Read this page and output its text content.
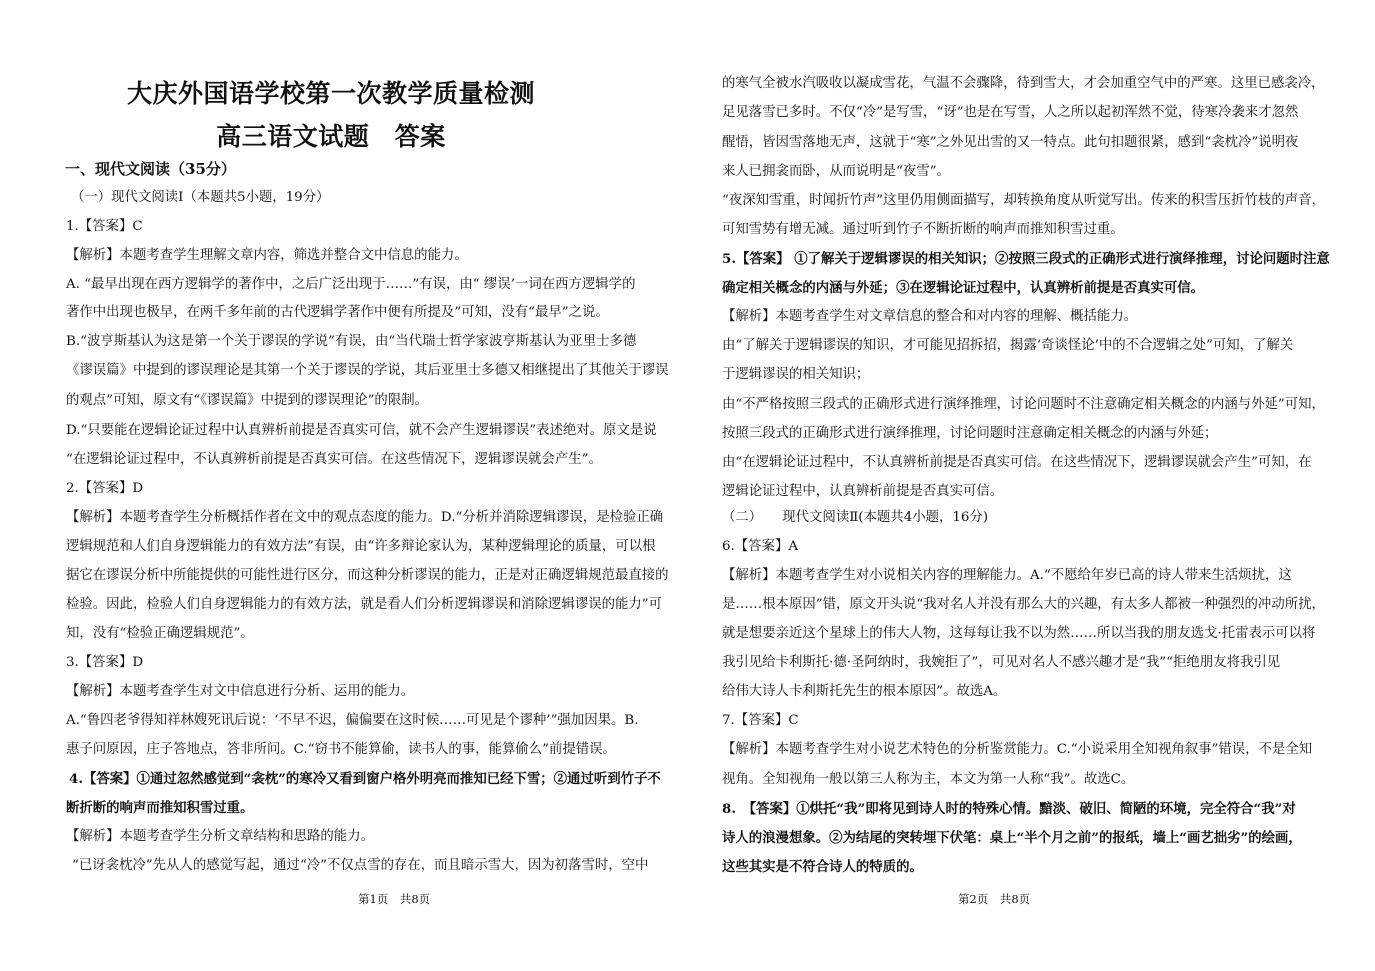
大庆外国语学校第一次教学质量检测
高三语文试题　答案
一、现代文阅读（35分）
（一）现代文阅读Ⅰ（本题共5小题，19分）
1.【答案】C
【解析】本题考查学生理解文章内容，筛选并整合文中信息的能力。
A. “最早出现在西方逻辑学的著作中，之后广泛出现于……”有误，由“ 缪误’一词在西方逻辑学的
著作中出现也极早，在两千多年前的古代逻辑学著作中便有所提及”可知，没有“最早”之说。
B.“波亨斯基认为这是第一个关于谬误的学说”有误，由“当代瑞士哲学家波亨斯基认为亚里士多德
《谬误篇》中提到的谬误理论是其第一个关于谬误的学说，其后亚里士多德又相继提出了其他关于谬误
的观点”可知，原文有“《谬误篇》中提到的谬误理论”的限制。
D.“只要能在逻辑论证过程中认真辨析前提是否真实可信，就不会产生逻辑谬误”表述绝对。原文是说
“在逻辑论证过程中，不认真辨析前提是否真实可信。在这些情况下，逻辑谬误就会产生”。
2.【答案】D
【解析】本题考查学生分析概括作者在文中的观点态度的能力。D.“分析并消除逻辑谬误，是检验正确
逻辑规范和人们自身逻辑能力的有效方法”有误，由“许多辩论家认为，某种逻辑理论的质量，可以根
据它在谬误分析中所能提供的可能性进行区分，而这种分析谬误的能力，正是对正确逻辑规范最直接的
检验。因此，检验人们自身逻辑能力的有效方法，就是看人们分析逻辑谬误和消除逻辑谬误的能力”可
知，没有“检验正确逻辑规范”。
3.【答案】D
【解析】本题考查学生对文中信息进行分析、运用的能力。
A.“鲁四老爷得知祥林嫂死讯后说：‘不早不迟，偏偏要在这时候……可见是个谬种’”强加因果。B.
惠子问原因，庄子答地点，答非所问。C.“窃书不能算偷，读书人的事，能算偷么”前提错误。
4.【答案】①通过忽然感觉到“衾枕”的寒冷又看到窗户格外明亮而推知已经下雪；②通过听到竹子不
断折断的响声而推知积雪过重。
【解析】本题考查学生分析文章结构和思路的能力。
“已讶衾枕冷”先从人的感觉写起，通过“冷”不仅点雪的存在，而且暗示雪大，因为初落雪时，空中
第1页　共8页
的寒气全被水汽吸收以凝成雪花，气温不会骤降，待到雪大，才会加重空气中的严寒。这里已感衾冷，
足见落雪已多时。不仅“冷”是写雪，“讶”也是在写雪，人之所以起初浑然不觉，待寒冷袭来才忽然
醒悟，皆因雪落地无声，这就于“寒”之外见出雪的又一特点。此句扣题很紧，感到“衾枕冷”说明夜
来人已拥衾而卧，从而说明是“夜雪”。
“夜深知雪重，时闻折竹声”这里仍用侧面描写，却转换角度从听觉写出。传来的积雪压折竹枝的声音，
可知雪势有增无减。通过听到竹子不断折断的响声而推知积雪过重。
5.【答案】 ①了解关于逻辑谬误的相关知识；②按照三段式的正确形式进行演绎推理，讨论问题时注意
确定相关概念的内涵与外延；③在逻辑论证过程中，认真辨析前提是否真实可信。
【解析】本题考查学生对文章信息的整合和对内容的理解、概括能力。
由“了解关于逻辑谬误的知识，才可能见招拆招，揭露‘奇谈怪论’中的不合逻辑之处”可知，了解关
于逻辑谬误的相关知识；
由“不严格按照三段式的正确形式进行演绎推理，讨论问题时不注意确定相关概念的内涵与外延”可知，
按照三段式的正确形式进行演绎推理，讨论问题时注意确定相关概念的内涵与外延；
由“在逻辑论证过程中，不认真辨析前提是否真实可信。在这些情况下，逻辑谬误就会产生”可知，在
逻辑论证过程中，认真辨析前提是否真实可信。
（二）　　现代文阅读Ⅱ(本题共4小题，16分)
6.【答案】A
【解析】本题考查学生对小说相关内容的理解能力。A.“不愿给年岁已高的诗人带来生活烦扰，这
是……根本原因”错，原文开头说“我对名人并没有那么大的兴趣，有太多人都被一种强烈的冲动所扰，
就是想要亲近这个星球上的伟大人物，这每每让我不以为然……所以当我的朋友选戈·托雷表示可以将
我引见给卡利斯托·德·圣阿纳时，我婉拒了”，可见对名人不感兴趣才是“我”“拒绝朋友将我引见
给伟大诗人卡利斯托先生的根本原因”。故选A。
7.【答案】C
【解析】本题考查学生对小说艺术特色的分析鉴赏能力。C.“小说采用全知视角叙事”错误，不是全知
视角。全知视角一般以第三人称为主，本文为第一人称“我”。故选C。
8.　【答案】①烘托“我”即将见到诗人时的特殊心情。黯淡、破旧、简陋的环境，完全符合“我”对
诗人的浪漫想象。②为结尾的突转埋下伏笔：桌上“半个月之前”的报纸，墙上“画艺拙劣”的绘画，
这些其实是不符合诗人的特质的。
第2页　共8页
